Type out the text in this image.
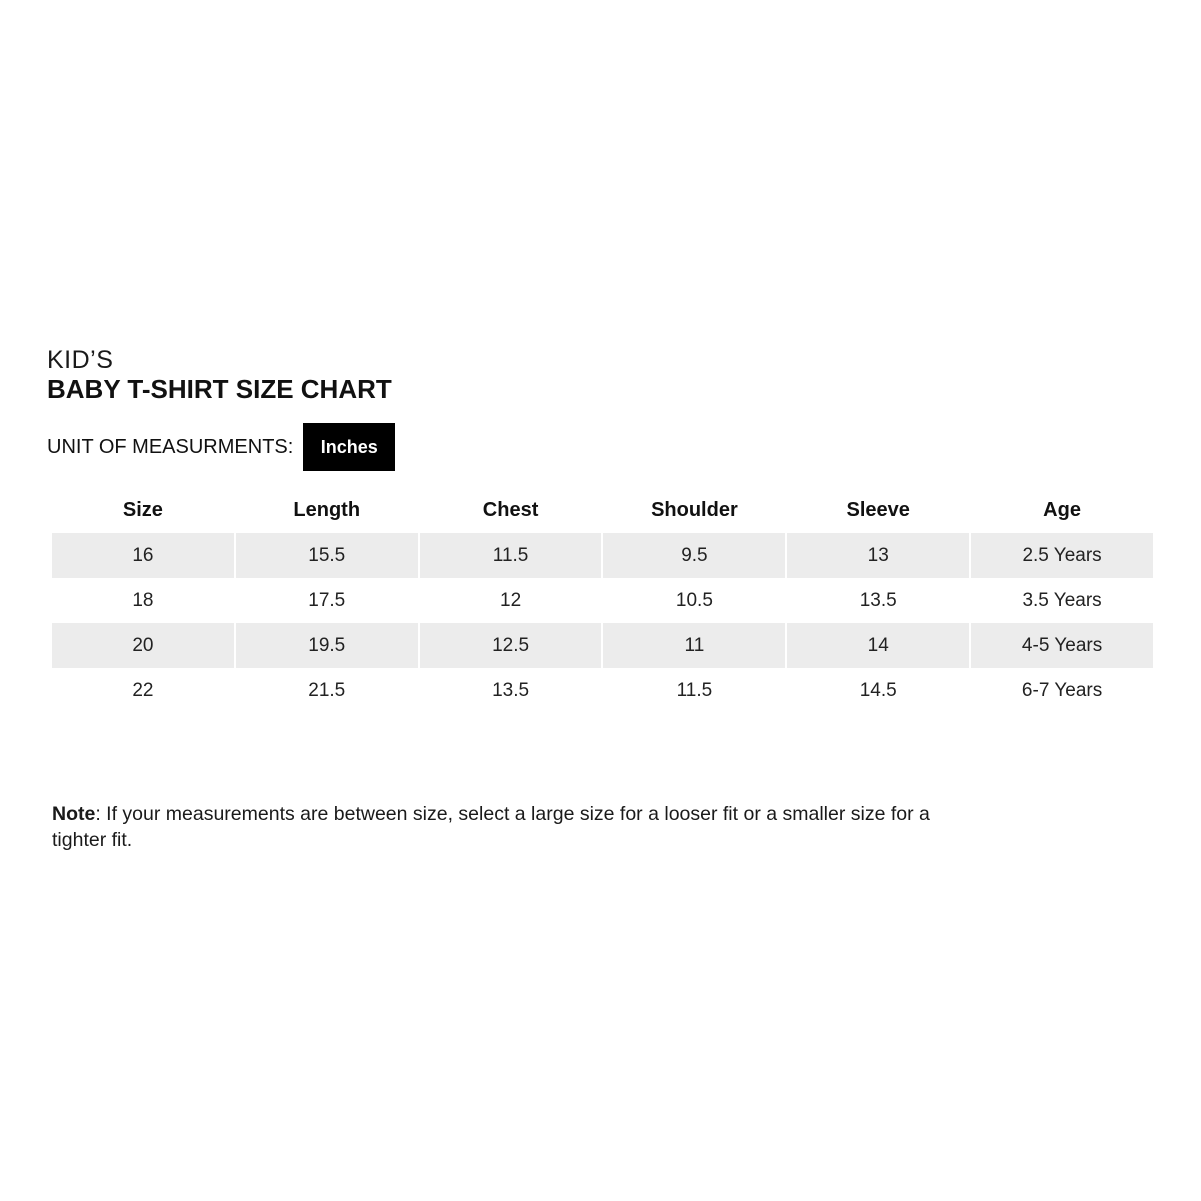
KID’S
BABY T-SHIRT SIZE CHART
UNIT OF MEASURMENTS:	Inches
Size	Length	Chest	Shoulder	Sleeve	Age
16	15.5	11.5	9.5	13	2.5 Years
18	17.5	12	10.5	13.5	3.5 Years
20	19.5	12.5	11	14	4-5 Years
22	21.5	13.5	11.5	14.5	6-7 Years
Note: If your measurements are between size, select a large size for a looser fit or a smaller size for a tighter fit.
